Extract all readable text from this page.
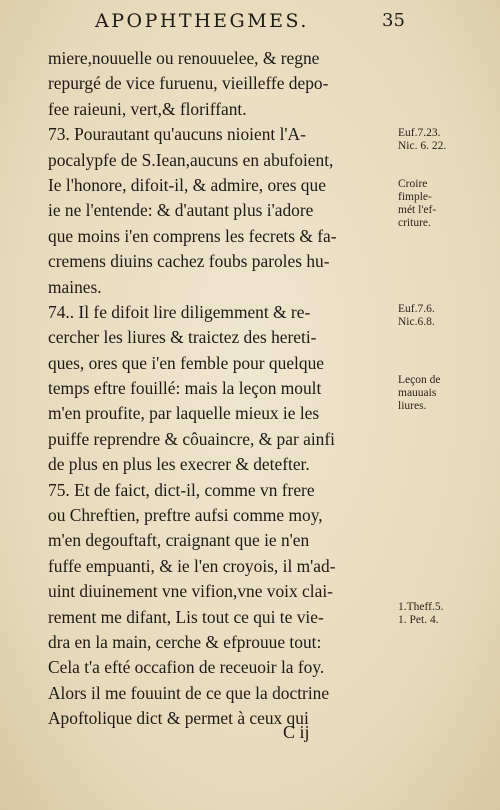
APOPHTHEGMES.	35
miere,nouuelle ou renouuelee, & regne
repurgé de vice furuenu, vieilleffe depo-
fee raieuni, vert,& floriffant.
73. Pourautant qu'aucuns nioient l'A-
pocalypfe de S.Iean,aucuns en abufoient,
Ie l'honore, difoit-il, & admire, ores que
ie ne l'entende: & d'autant plus i'adore
que moins i'en comprens les fecrets & fa-
cremens diuins cachez foubs paroles hu-
maines.
74.. Il fe difoit lire diligemment & re-
cercher les liures & traictez des hereti-
ques, ores que i'en femble pour quelque
temps eftre fouillé: mais la leçon moult
m'en proufite, par laquelle mieux ie les
puiffe reprendre & côuaincre, & par ainfi
de plus en plus les execrer & detefter.
75. Et de faict, dict-il, comme vn frere
ou Chreftien, preftre aufsi comme moy,
m'en degouftaft, craignant que ie n'en
fuffe empuanti, & ie l'en croyois, il m'ad-
uint diuinement vne vifion,vne voix clai-
rement me difant, Lis tout ce qui te vie-
dra en la main, cerche & efprouue tout:
Cela t'a efté occafion de receuoir la foy.
Alors il me fouuint de ce que la doctrine
Apoftolique dict & permet à ceux qui
Euf.7.23.
Nic. 6. 22.
Croire
fimple-
mét l'ef-
criture.
Euf.7.6.
Nic.6.8.
Leçon de
mauuais
liures.
1.Theff.5.
1. Pet. 4.
C ij
